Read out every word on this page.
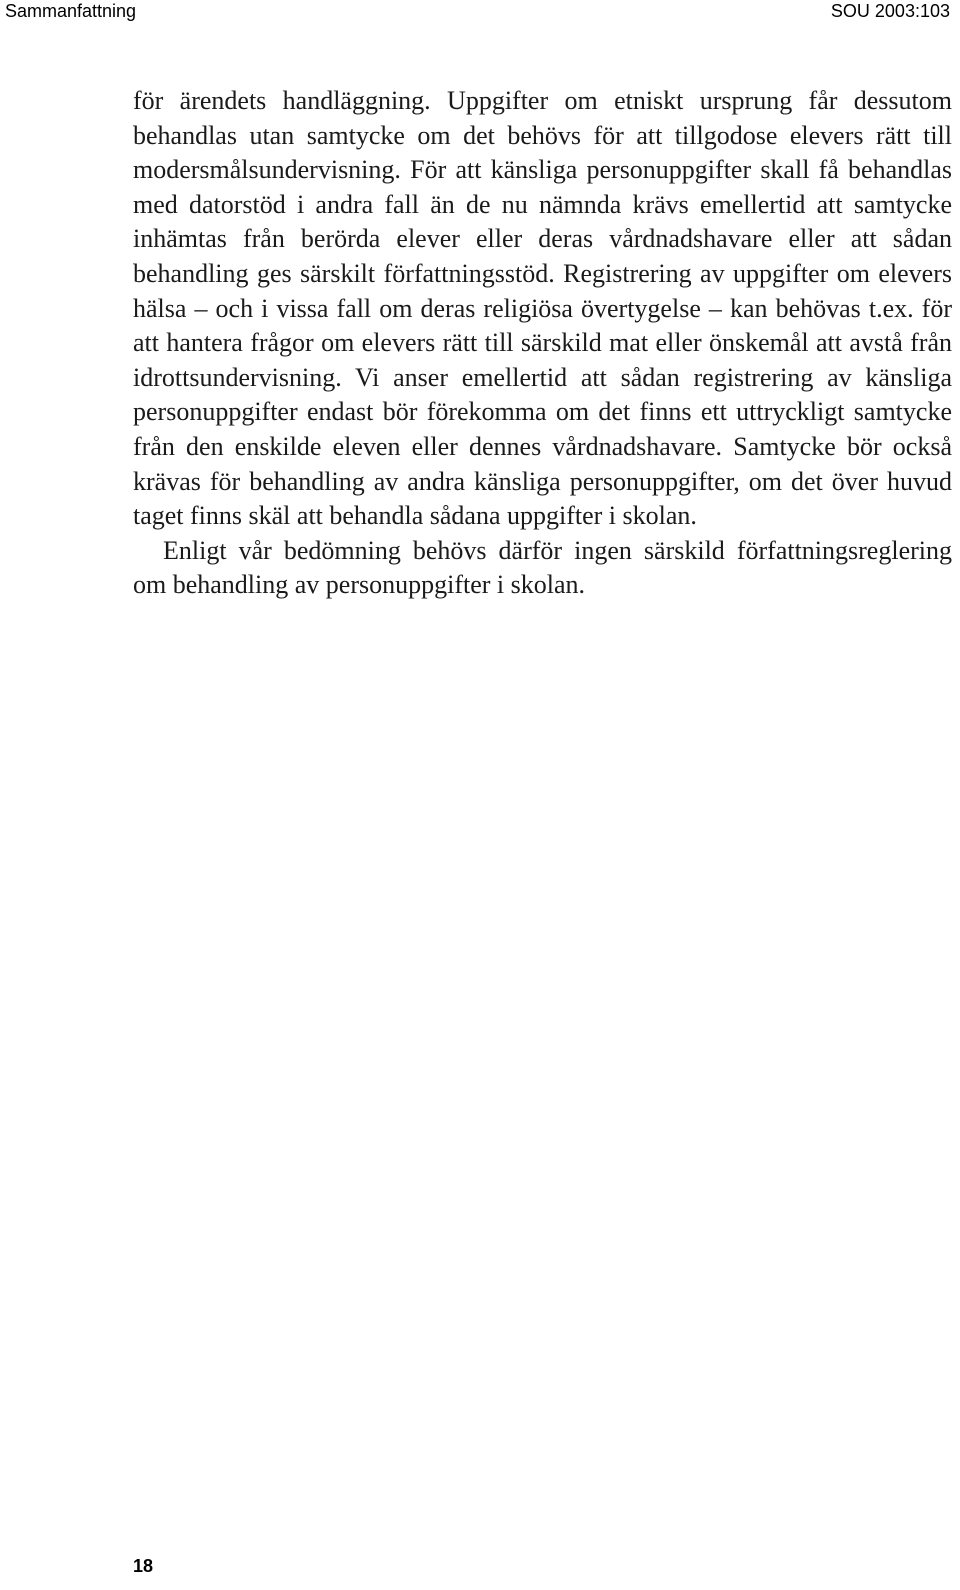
Sammanfattning	SOU 2003:103

för ärendets handläggning. Uppgifter om etniskt ursprung får dessutom behandlas utan samtycke om det behövs för att tillgodose elevers rätt till modersmålsundervisning. För att känsliga personuppgifter skall få behandlas med datorstöd i andra fall än de nu nämnda krävs emellertid att samtycke inhämtas från berörda elever eller deras vårdnadshavare eller att sådan behandling ges särskilt författningsstöd. Registrering av uppgifter om elevers hälsa – och i vissa fall om deras religiösa övertygelse – kan behövas t.ex. för att hantera frågor om elevers rätt till särskild mat eller önskemål att avstå från idrottsundervisning. Vi anser emellertid att sådan registrering av känsliga personuppgifter endast bör förekomma om det finns ett uttryckligt samtycke från den enskilde eleven eller dennes vårdnadshavare. Samtycke bör också krävas för behandling av andra känsliga personuppgifter, om det över huvud taget finns skäl att behandla sådana uppgifter i skolan.

Enligt vår bedömning behövs därför ingen särskild författningsreglering om behandling av personuppgifter i skolan.

18
